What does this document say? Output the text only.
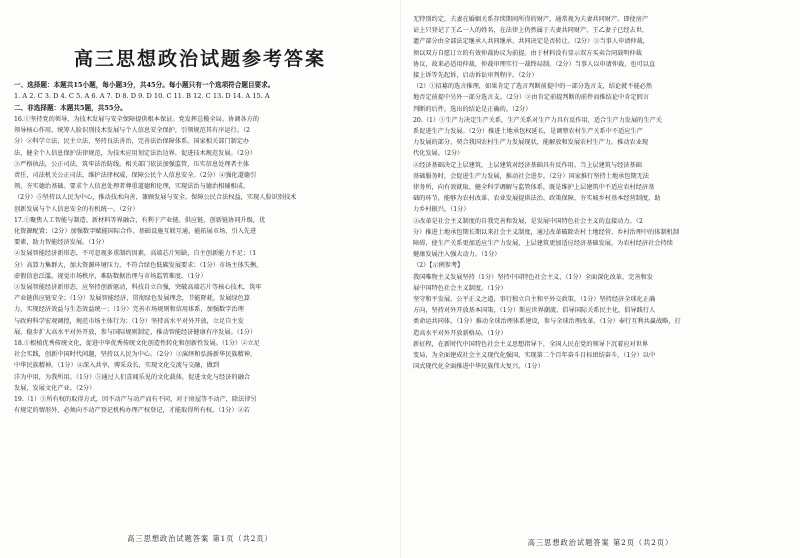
高三思想政治试题参考答案
一、选择题：本题共15小题，每小题3分，共45分。每小题只有一个选项符合题目要求。
1. A 2. C 3. D 4. C 5. A 6. A 7. D 8. D 9. D 10. C 11. B 12. C 13. D 14. A 15. A
二、非选择题：本题共5题，共55分。
16.①坚持党的领导，为技术发展与安全保障提供根本保证。党发挥总揽全局、协调各方的
领导核心作用，统筹人脸识别技术发展与个人信息安全保护，引领规范其有序运行。（2
分）②科学立法，民主立法，坚持良法善治，完善法治保障体系。国家相关部门制定办
法，健全个人信息保护法律规范，为技术应用划定法治边界，促进技术规范发展。（2分）
③严格执法，公正司法，筑牢法治防线。相关部门依法加强监管，压实信息处理者主体
责任，司法机关公正司法，维护法律权威，保障公民个人信息安全。（2分）④强化道德引
领，夯实德治基础。要求个人信息处理者尊重道德和伦理，实现法治与德治相辅相成。
（2分）⑤坚持以人民为中心，推动技术向善，兼顾发展与安全。保障公民合法权益，实现人脸识别技术
创新发展与个人信息安全的有机统一。（2分）
17.①聚焦人工智能与制造、新材料等界融合，有利于产业链、供应链、创新链协同升级，优
化资源配置；（2分）加强数字赋能国际合作、基础设施互联互通，能拓展市场、引入先进
要素，助力智能经济发展。（1分）
②发展智能经济新形态，不可忽视多重制约因素，高端芯片短缺，自主创新能力不足；（1
分）高算力集群大，加大资源环境压力，不符合绿色低碳发展要求；（1分）市场主体失衡，
虚假信息泛滥，视觉市场秩序，难防数据治理与市场监管难度。（1分）
③发展智能经济新形态，应坚持创新驱动，科技自立自强，突破高端芯片等核心技术，筑牢
产业链供应链安全；（1分）发展智能经济，贯彻绿色发展理念，节能降耗，发展绿色算
力，实现经济效益与生态效益统一；（1分）完善市场规则和信用体系，加强数字治理
与政府科学宏观调控，规范市场主体行为；（1分）坚持高水平对外开放，立足自主发
展，稳步扩大高水平对外开放，参与国际规则制定，推动智能经济健康有序发展。（1分）
18.①根植优秀传统文化，促进中华优秀传统文化创造性转化和创新性发展。（1分）②立足
社会实践，创新中国时代问题，坚持以人民为中心。（2分）③演绎和弘扬新华民族精神，
中华民族精神。（1分）④深入共享，博采众长，实现文化交流与交融，做到
洋为中用，为我所用。（1分）⑤通过人们喜闻乐见的文化载体，促进文化与经济的融合
发展，发展文化产业。（2分）
19.（1）①所有权的取得方式，因不动产与动产而有不同，对于房屋等不动产，除法律另
有规定的情形外，必须向不动产登记机构办理产权登记，才能取得所有权。（1分）②若
高三思想政治试题答案 第1页（共2页）
无特别约定，夫妻在婚姻关系存续期间所得的财产，通常视为夫妻共同财产。即使房产
证上只登记了王乙一人的姓名，在法律上仍然属于夫妻共同财产。王乙妻子已经去世，
遗产部分由全部法定继承人共同继承、共同决定是否转让。（2分）③当事人申请仲裁，
须以双方自愿订立的有效仲裁协议为前提。由于材料没有显示双方买卖合同载明仲裁
协议，故来必适用仲裁，仲裁审理实行一裁终局制。（2分）当事人以申请仲裁，也可以直
接上诉等先起诉，启动诉讼审判程序。（2分）
（2）①招募的选言推理，如果肯定了选言判断前提中的一部分选言支，结论就不能必然
地否定前提中另外一部分选言支。（2分）②由肯定前提判断的前件而推结论中肯定假言
判断的后件，选出的结论是正确的。（2分）
20.（1）①生产力决定生产关系，生产关系对生产力具有反作用，适合生产力发展的生产关
系促进生产力发展。（2分）推进土地承包权延长，是调整农村生产关系中不适应生产
力发展的部分，契合我国农村生产力发展现状，能解放和发展农村生产力，推动农业现
代化发展。（2分）
②经济基础决定上层建筑，上层建筑对经济基础具有反作用。当上层建筑与经济基础
基础服务时，会促进生产力发展，推动社会进步。（2分）国家推行坚持土地承包期无法
律务所，向有效就取、健全科学调解与监管体系，既是维护上层建筑中不适应农村经济基
础的环节，能够为农村改革、农业发展提供法治、政策保障，夯实城乡村基本经营制度，助
力乡村振兴。（1分）
③改革是社会主义制度的自我完善和发展，是发展中国特色社会主义的直接动力。（2
分）推进土地承包期长期以来社会主义制度，通过改革破除农村土地经营、乡村治理中的体制机制
障碍，使生产关系更加适应生产力发展，上层建筑更加适应经济基础发展，为农村经济社会持续
健康发展注入强大动力。（1分）
（2）【示例参考】
我国唯物主义发展坚持（1分）坚持中国特色社会主义，（1分）全面深化改革，完善和发
展中国特色社会主义制度。（1分）
坚守和平发展、公平正义之道，事行独立自主和平外交政策，（1分）坚持经济全球化正确
方向，坚持对外开放基本国策，（1分）斯应世界潮流，倡导国际关系民主化，倡导践行人
类命运共同体，（1分）推动全球治理体系建设，参与全球治理改革，（1分）奉行互利共赢战略，打
造高水平对外开放新格局。（1分）
新征程，在新时代中国特色社会主义思想指导下，全国人民在党的领导下沉着应对世界
变局，为全面建成社会主义现代化强国，实现第二个百年奋斗目标团结奋斗，（1分）以中
国式现代化全面推进中华民族伟大复兴。（1分）
高三思想政治试题答案 第2页（共2页）
